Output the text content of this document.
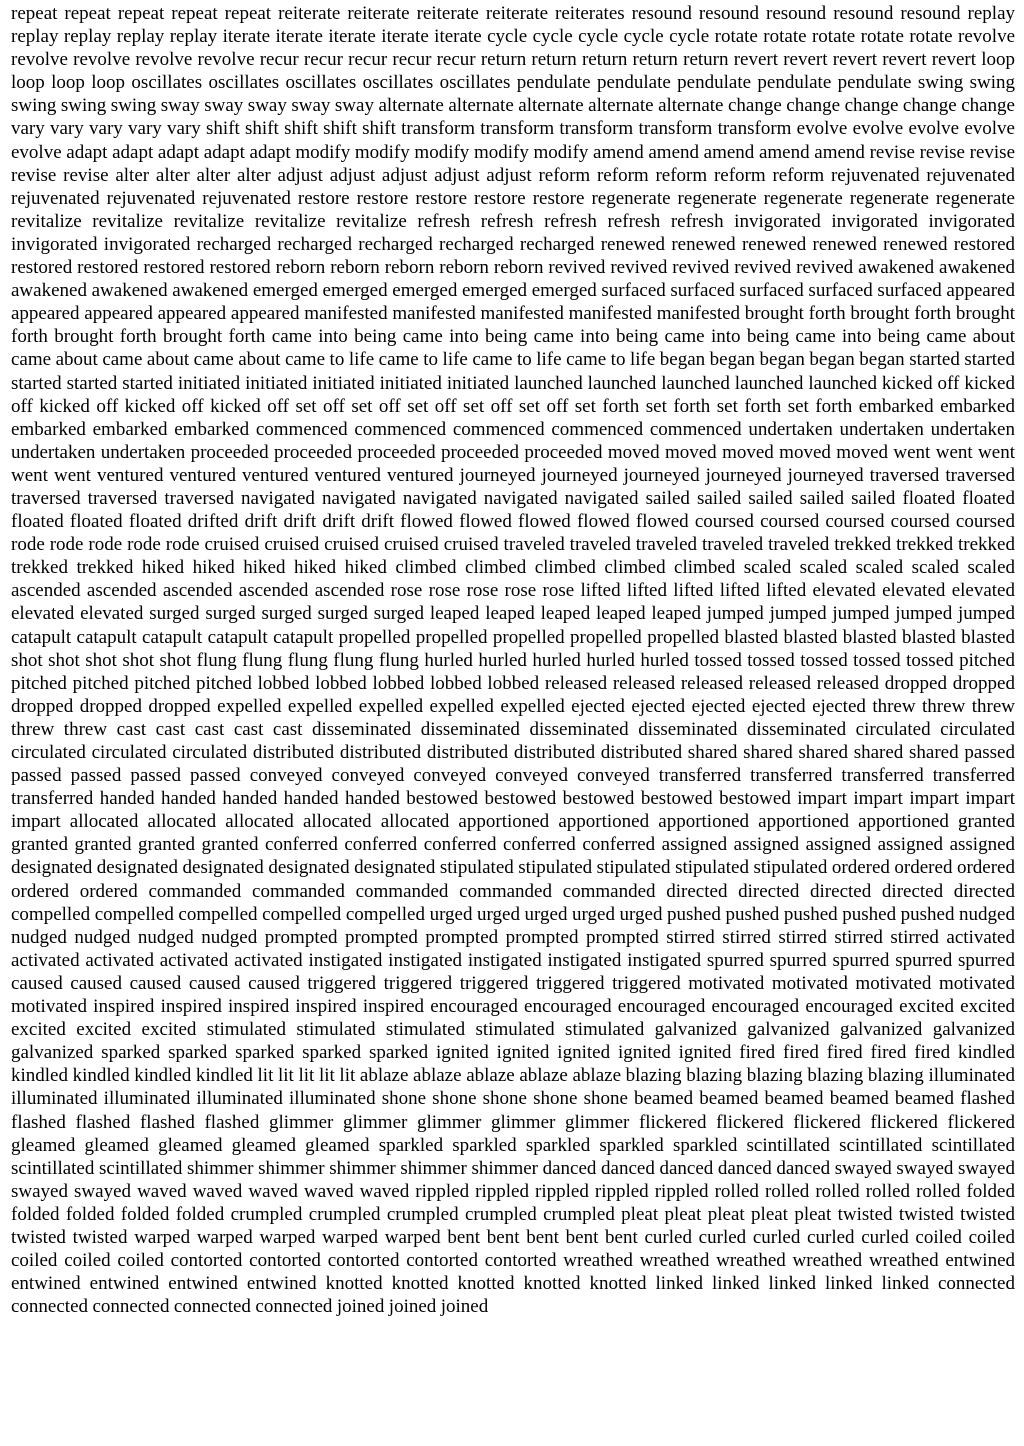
repeat repeat repeat repeat repeat reiterate reiterate reiterate reiterate reiterates resound resound resound resound resound replay replay replay replay replay iterate iterate iterate iterate iterate cycle cycle cycle cycle cycle rotate rotate rotate rotate rotate revolve revolve revolve revolve revolve recur recur recur recur recur return return return return return revert revert revert revert revert loop loop loop loop oscillates oscillates oscillates oscillates oscillates pendulate pendulate pendulate pendulate pendulate swing swing swing swing swing sway sway sway sway sway alternate alternate alternate alternate alternate change change change change change vary vary vary vary vary shift shift shift shift shift transform transform transform transform transform evolve evolve evolve evolve evolve adapt adapt adapt adapt adapt modify modify modify modify modify amend amend amend amend amend revise revise revise revise revise alter alter alter alter adjust adjust adjust adjust adjust reform reform reform reform reform rejuvenated rejuvenated rejuvenated rejuvenated rejuvenated restore restore restore restore restore regenerate regenerate regenerate regenerate regenerate revitalize revitalize revitalize revitalize revitalize refresh refresh refresh refresh refresh invigorated invigorated invigorated invigorated invigorated recharged recharged recharged recharged recharged renewed renewed renewed renewed renewed restored restored restored restored restored reborn reborn reborn reborn reborn revived revived revived revived revived awakened awakened awakened awakened awakened emerged emerged emerged emerged emerged surfaced surfaced surfaced surfaced surfaced appeared appeared appeared appeared appeared manifested manifested manifested manifested manifested brought forth brought forth brought forth brought forth brought forth came into being came into being came into being came into being came into being came about came about came about came about came to life came to life came to life came to life began began began began began started started started started started initiated initiated initiated initiated initiated launched launched launched launched launched kicked off kicked off kicked off kicked off kicked off set off set off set off set off set off set forth set forth set forth set forth embarked embarked embarked embarked embarked commenced commenced commenced commenced commenced undertaken undertaken undertaken undertaken undertaken proceeded proceeded proceeded proceeded proceeded moved moved moved moved moved went went went went went ventured ventured ventured ventured ventured journeyed journeyed journeyed journeyed journeyed traversed traversed traversed traversed traversed navigated navigated navigated navigated navigated sailed sailed sailed sailed sailed floated floated floated floated floated drifted drift drift drift drift flowed flowed flowed flowed flowed coursed coursed coursed coursed coursed rode rode rode rode rode cruised cruised cruised cruised cruised traveled traveled traveled traveled traveled trekked trekked trekked trekked trekked hiked hiked hiked hiked hiked climbed climbed climbed climbed climbed scaled scaled scaled scaled scaled ascended ascended ascended ascended ascended rose rose rose rose rose lifted lifted lifted lifted lifted elevated elevated elevated elevated elevated surged surged surged surged surged leaped leaped leaped leaped leaped jumped jumped jumped jumped jumped catapult catapult catapult catapult catapult propelled propelled propelled propelled propelled blasted blasted blasted blasted blasted shot shot shot shot shot flung flung flung flung flung hurled hurled hurled hurled hurled tossed tossed tossed tossed tossed pitched pitched pitched pitched pitched lobbed lobbed lobbed lobbed lobbed released released released released released dropped dropped dropped dropped dropped expelled expelled expelled expelled expelled ejected ejected ejected ejected ejected threw threw threw threw threw cast cast cast cast cast disseminated disseminated disseminated disseminated disseminated circulated circulated circulated circulated circulated distributed distributed distributed distributed distributed shared shared shared shared shared passed passed passed passed passed conveyed conveyed conveyed conveyed conveyed transferred transferred transferred transferred transferred handed handed handed handed handed bestowed bestowed bestowed bestowed bestowed impart impart impart impart impart allocated allocated allocated allocated allocated apportioned apportioned apportioned apportioned apportioned granted granted granted granted granted conferred conferred conferred conferred conferred assigned assigned assigned assigned assigned designated designated designated designated designated stipulated stipulated stipulated stipulated stipulated ordered ordered ordered ordered ordered commanded commanded commanded commanded commanded directed directed directed directed directed compelled compelled compelled compelled compelled urged urged urged urged urged pushed pushed pushed pushed pushed nudged nudged nudged nudged nudged prompted prompted prompted prompted prompted stirred stirred stirred stirred stirred activated activated activated activated activated instigated instigated instigated instigated instigated spurred spurred spurred spurred spurred caused caused caused caused caused triggered triggered triggered triggered triggered motivated motivated motivated motivated motivated inspired inspired inspired inspired inspired encouraged encouraged encouraged encouraged encouraged excited excited excited excited excited stimulated stimulated stimulated stimulated stimulated galvanized galvanized galvanized galvanized galvanized sparked sparked sparked sparked sparked ignited ignited ignited ignited ignited fired fired fired fired fired kindled kindled kindled kindled kindled lit lit lit lit lit ablaze ablaze ablaze ablaze ablaze blazing blazing blazing blazing blazing illuminated illuminated illuminated illuminated illuminated shone shone shone shone shone beamed beamed beamed beamed beamed flashed flashed flashed flashed flashed glimmer glimmer glimmer glimmer glimmer flickered flickered flickered flickered flickered gleamed gleamed gleamed gleamed gleamed sparkled sparkled sparkled sparkled sparkled scintillated scintillated scintillated scintillated scintillated shimmer shimmer shimmer shimmer shimmer danced danced danced danced danced swayed swayed swayed swayed swayed waved waved waved waved waved rippled rippled rippled rippled rippled rolled rolled rolled rolled rolled folded folded folded folded folded crumpled crumpled crumpled crumpled crumpled pleat pleat pleat pleat pleat twisted twisted twisted twisted twisted warped warped warped warped warped bent bent bent bent bent curled curled curled curled curled coiled coiled coiled coiled coiled contorted contorted contorted contorted contorted wreathed wreathed wreathed wreathed wreathed entwined entwined entwined entwined entwined knotted knotted knotted knotted knotted linked linked linked linked linked connected connected connected connected connected joined joined joined
